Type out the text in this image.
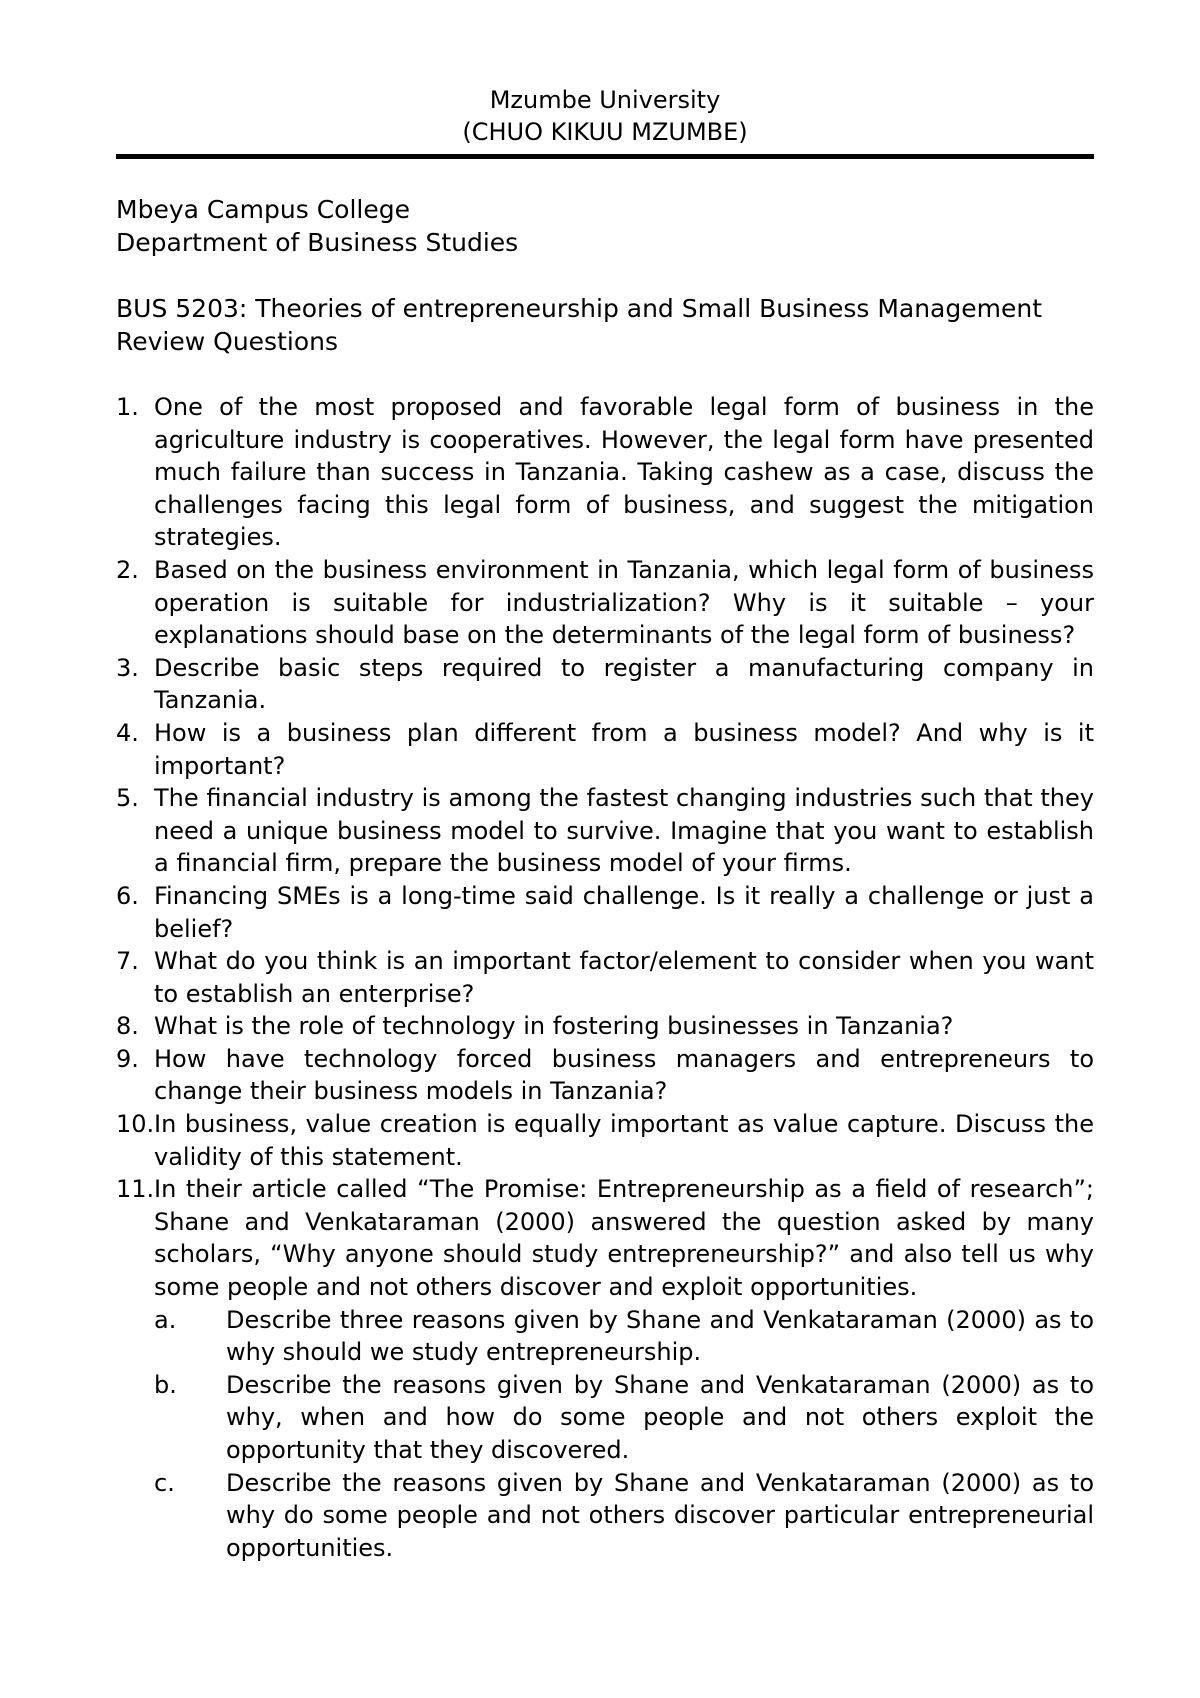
Mzumbe University
(CHUO KIKUU MZUMBE)
Mbeya Campus College
Department of Business Studies
BUS 5203: Theories of entrepreneurship and Small Business Management
Review Questions
1. One of the most proposed and favorable legal form of business in the agriculture industry is cooperatives. However, the legal form have presented much failure than success in Tanzania. Taking cashew as a case, discuss the challenges facing this legal form of business, and suggest the mitigation strategies.
2. Based on the business environment in Tanzania, which legal form of business operation is suitable for industrialization? Why is it suitable – your explanations should base on the determinants of the legal form of business?
3. Describe basic steps required to register a manufacturing company in Tanzania.
4. How is a business plan different from a business model? And why is it important?
5. The financial industry is among the fastest changing industries such that they need a unique business model to survive. Imagine that you want to establish a financial firm, prepare the business model of your firms.
6. Financing SMEs is a long-time said challenge. Is it really a challenge or just a belief?
7. What do you think is an important factor/element to consider when you want to establish an enterprise?
8. What is the role of technology in fostering businesses in Tanzania?
9. How have technology forced business managers and entrepreneurs to change their business models in Tanzania?
10. In business, value creation is equally important as value capture. Discuss the validity of this statement.
11. In their article called “The Promise: Entrepreneurship as a field of research”; Shane and Venkataraman (2000) answered the question asked by many scholars, “Why anyone should study entrepreneurship?” and also tell us why some people and not others discover and exploit opportunities.
a.	Describe three reasons given by Shane and Venkataraman (2000) as to why should we study entrepreneurship.
b.	Describe the reasons given by Shane and Venkataraman (2000) as to why, when and how do some people and not others exploit the opportunity that they discovered.
c.	Describe the reasons given by Shane and Venkataraman (2000) as to why do some people and not others discover particular entrepreneurial opportunities.
